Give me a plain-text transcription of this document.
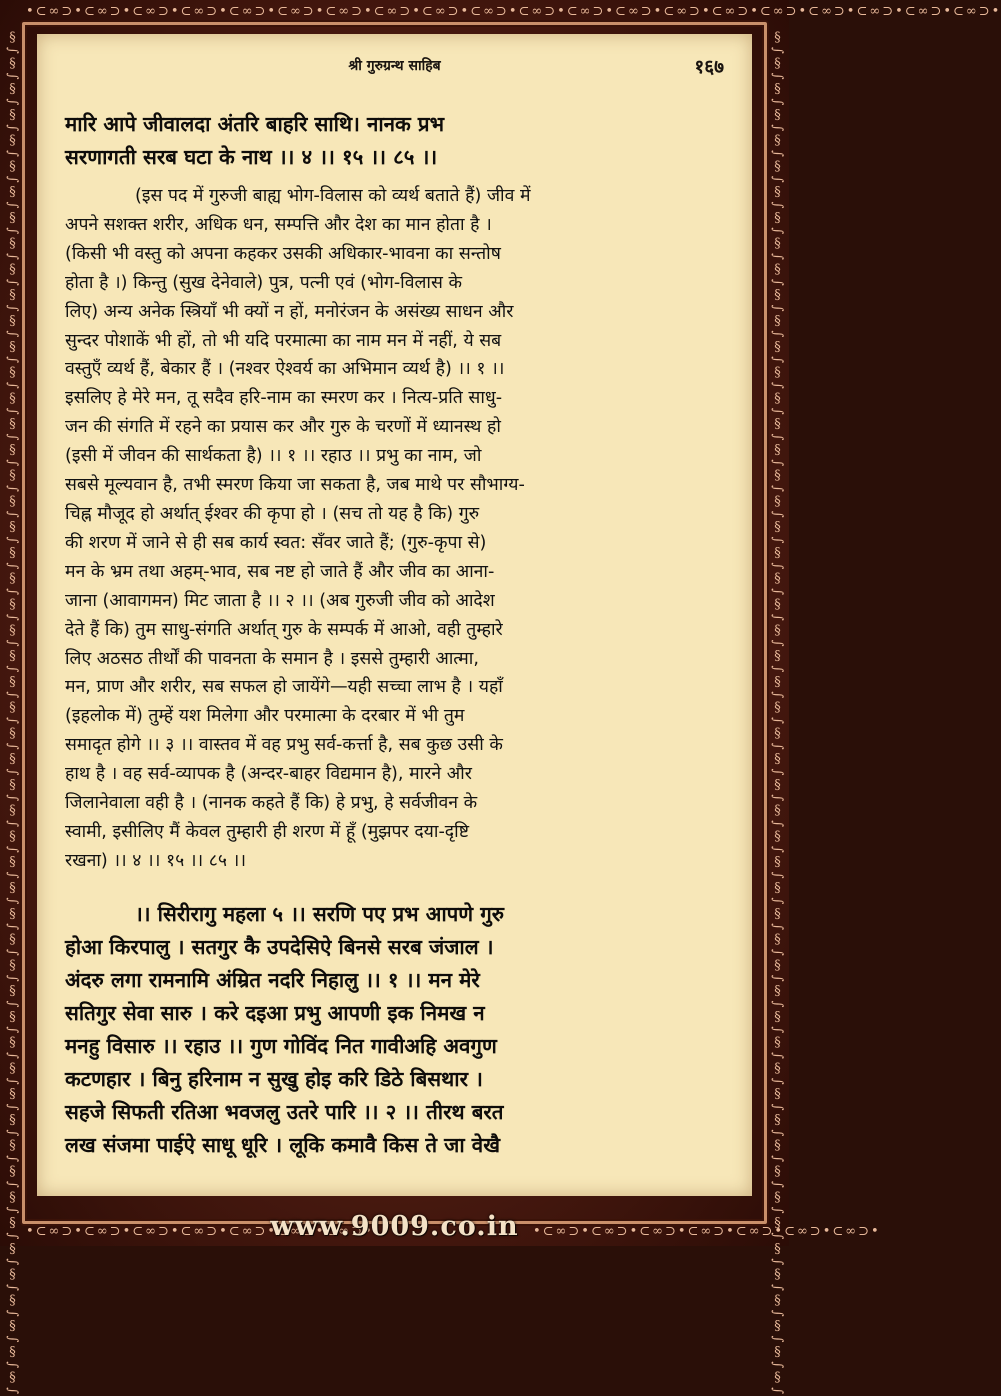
•⊂∞⊃•⊂∞⊃•⊂∞⊃•⊂∞⊃•⊂∞⊃•⊂∞⊃•⊂∞⊃•⊂∞⊃•⊂∞⊃•⊂∞⊃•⊂∞⊃•⊂∞⊃•⊂∞⊃•⊂∞⊃•⊂∞⊃•⊂∞⊃•⊂∞⊃•⊂∞⊃•⊂∞⊃•⊂∞⊃•
•⊂∞⊃•⊂∞⊃•⊂∞⊃•⊂∞⊃•⊂∞⊃•⊂∞⊃•⊂∞⊃•	•⊂∞⊃•⊂∞⊃•⊂∞⊃•⊂∞⊃•⊂∞⊃•⊂∞⊃•⊂∞⊃•
§∫§∫§∫§∫§∫§∫§∫§∫§∫§∫§∫§∫§∫§∫§∫§∫§∫§∫§∫§∫§∫§∫§∫§∫§∫§∫§∫§∫§∫§∫§∫§∫§∫§∫§∫§∫§∫§∫§∫§∫§∫§∫§∫§∫§∫§∫§∫§∫§∫§∫§∫§∫§∫	§∫§∫§∫§∫§∫§∫§∫§∫§∫§∫§∫§∫§∫§∫§∫§∫§∫§∫§∫§∫§∫§∫§∫§∫§∫§∫§∫§∫§∫§∫§∫§∫§∫§∫§∫§∫§∫§∫§∫§∫§∫§∫§∫§∫§∫§∫§∫§∫§∫§∫§∫§∫§∫
श्री गुरुग्रन्थ साहिब	१६७
मारि आपे जीवालदा अंतरि बाहरि साथि। नानक प्रभ
सरणागती सरब घटा के नाथ ।। ४ ।। १५ ।। ८५ ।।
(इस पद में गुरुजी बाह्य भोग-विलास को व्यर्थ बताते हैं) जीव में
अपने सशक्त शरीर, अधिक धन, सम्पत्ति और देश का मान होता है ।
(किसी भी वस्तु को अपना कहकर उसकी अधिकार-भावना का सन्तोष
होता है ।) किन्तु (सुख देनेवाले) पुत्र, पत्नी एवं (भोग-विलास के
लिए) अन्य अनेक स्त्रियाँ भी क्यों न हों, मनोरंजन के असंख्य साधन और
सुन्दर पोशाकें भी हों, तो भी यदि परमात्मा का नाम मन में नहीं, ये सब
वस्तुएँ व्यर्थ हैं, बेकार हैं । (नश्वर ऐश्वर्य का अभिमान व्यर्थ है) ।। १ ।।
इसलिए हे मेरे मन, तू सदैव हरि-नाम का स्मरण कर । नित्य-प्रति साधु-
जन की संगति में रहने का प्रयास कर और गुरु के चरणों में ध्यानस्थ हो
(इसी में जीवन की सार्थकता है) ।। १ ।। रहाउ ।। प्रभु का नाम, जो
सबसे मूल्यवान है, तभी स्मरण किया जा सकता है, जब माथे पर सौभाग्य-
चिह्न मौजूद हो अर्थात् ईश्वर की कृपा हो । (सच तो यह है कि) गुरु
की शरण में जाने से ही सब कार्य स्वत: सँवर जाते हैं; (गुरु-कृपा से)
मन के भ्रम तथा अहम्-भाव, सब नष्ट हो जाते हैं और जीव का आना-
जाना (आवागमन) मिट जाता है ।। २ ।। (अब गुरुजी जीव को आदेश
देते हैं कि) तुम साधु-संगति अर्थात् गुरु के सम्पर्क में आओ, वही तुम्हारे
लिए अठसठ तीर्थों की पावनता के समान है । इससे तुम्हारी आत्मा,
मन, प्राण और शरीर, सब सफल हो जायेंगे—यही सच्चा लाभ है । यहाँ
(इहलोक में) तुम्हें यश मिलेगा और परमात्मा के दरबार में भी तुम
समादृत होगे ।। ३ ।। वास्तव में वह प्रभु सर्व-कर्त्ता है, सब कुछ उसी के
हाथ है । वह सर्व-व्यापक है (अन्दर-बाहर विद्यमान है), मारने और
जिलानेवाला वही है । (नानक कहते हैं कि) हे प्रभु, हे सर्वजीवन के
स्वामी, इसीलिए मैं केवल तुम्हारी ही शरण में हूँ (मुझपर दया-दृष्टि
रखना) ।। ४ ।। १५ ।। ८५ ।।
।। सिरीरागु महला ५ ।। सरणि पए प्रभ आपणे गुरु
होआ किरपालु । सतगुर कै उपदेसिऐ बिनसे सरब जंजाल ।
अंदरु लगा रामनामि अंम्रित नदरि निहालु ।। १ ।। मन मेरे
सतिगुर सेवा सारु । करे दइआ प्रभु आपणी इक निमख न
मनहु विसारु ।। रहाउ ।। गुण गोविंद नित गावीअहि अवगुण
कटणहार । बिनु हरिनाम न सुखु होइ करि डिठे बिसथार ।
सहजे सिफती रतिआ भवजलु उतरे पारि ।। २ ।। तीरथ बरत
लख संजमा पाईऐ साधू धूरि । लूकि कमावै किस ते जा वेखै
www.9009.co.in
